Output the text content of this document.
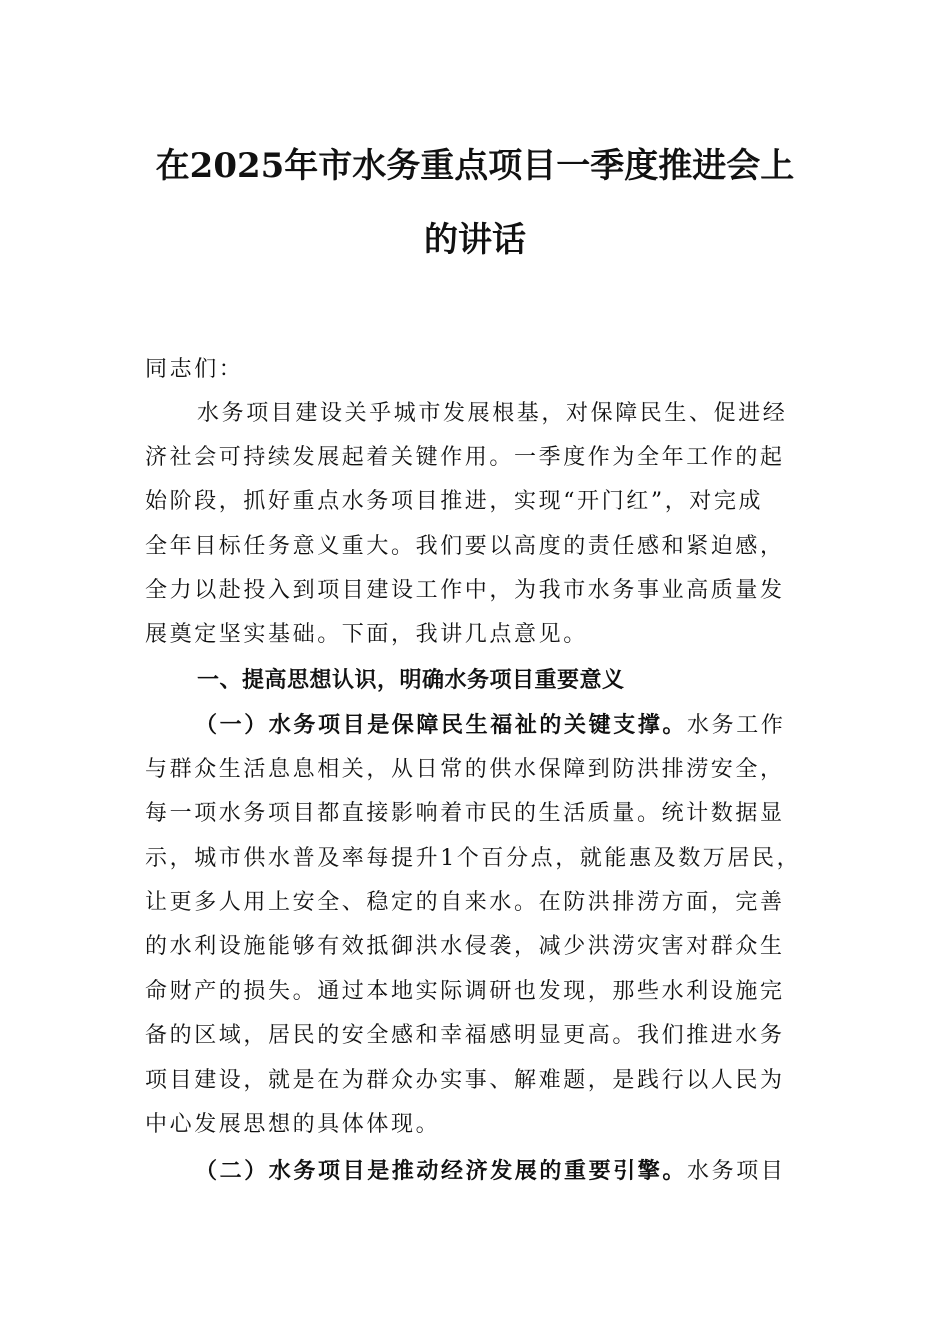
在2025年市水务重点项目一季度推进会上
的讲话
同志们：
水务项目建设关乎城市发展根基，对保障民生、促进经
济社会可持续发展起着关键作用。一季度作为全年工作的起
始阶段，抓好重点水务项目推进，实现“开门红”，对完成
全年目标任务意义重大。我们要以高度的责任感和紧迫感，
全力以赴投入到项目建设工作中，为我市水务事业高质量发
展奠定坚实基础。下面，我讲几点意见。
一、提高思想认识，明确水务项目重要意义
（一）水务项目是保障民生福祉的关键支撑。水务工作
与群众生活息息相关，从日常的供水保障到防洪排涝安全，
每一项水务项目都直接影响着市民的生活质量。统计数据显
示，城市供水普及率每提升1个百分点，就能惠及数万居民，
让更多人用上安全、稳定的自来水。在防洪排涝方面，完善
的水利设施能够有效抵御洪水侵袭，减少洪涝灾害对群众生
命财产的损失。通过本地实际调研也发现，那些水利设施完
备的区域，居民的安全感和幸福感明显更高。我们推进水务
项目建设，就是在为群众办实事、解难题，是践行以人民为
中心发展思想的具体体现。
（二）水务项目是推动经济发展的重要引擎。水务项目
